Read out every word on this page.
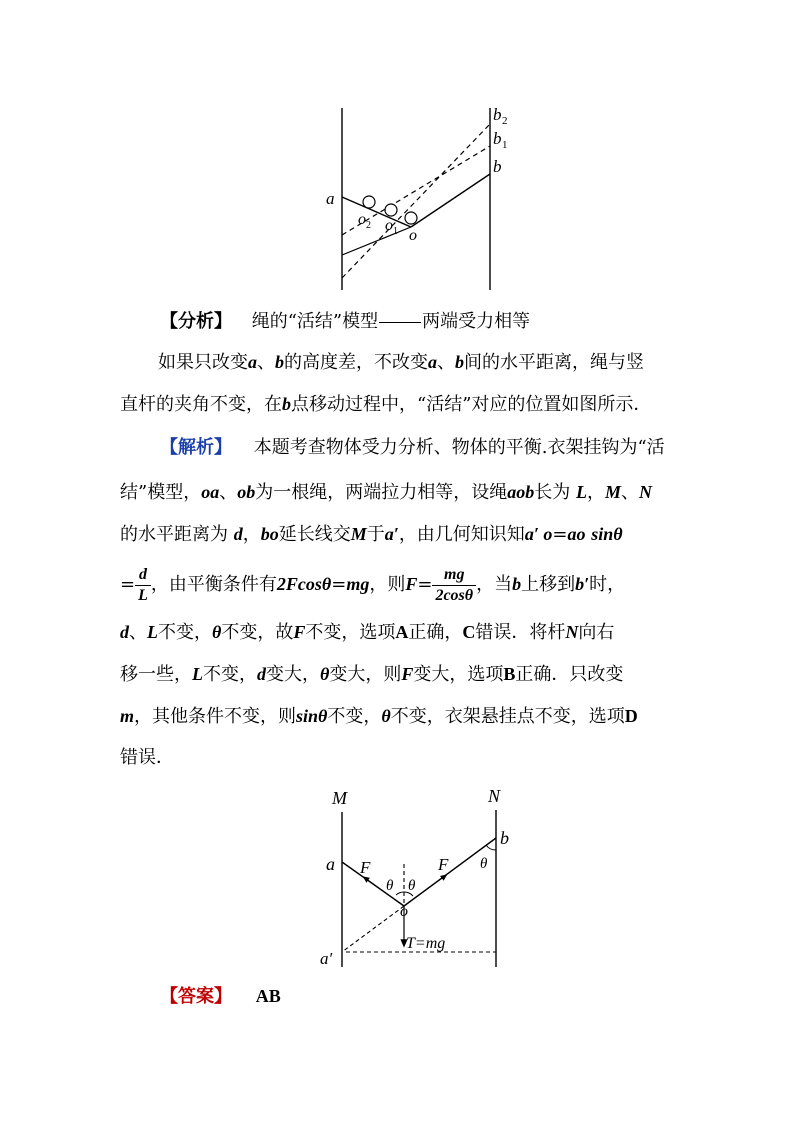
a
b 2
b 1
b
o 2 o 1 o
【分析】 绳的“活结”模型 两端受力相等
如果只改变a、b的高度差，不改变a、b间的水平距离，绳与竖
直杆的夹角不变，在b点移动过程中，“活结”对应的位置如图所示．
【解析】 本题考查物体受力分析、物体的平衡.衣架挂钩为“活
结”模型，oa、ob为一根绳，两端拉力相等，设绳aob长为 L，M、N
的水平距离为 d，bo延长线交M于a′，由几何知识知a′ o=ao sinθ
= $\frac{d}{L}$ ，由平衡条件有2Fcosθ=mg，则$F= \frac{mg}{2\cos\theta}$ ，当b上移到b′时，
d、L不变，θ不变，故F不变，选项A正确，C错误．将杆N向右
移一些，L不变，d变大，θ变大，则F变大，选项B正确．只改变
m，其他条件不变，则sinθ不变，θ不变，衣架悬挂点不变，选项D
错误．
M	N
a
b
o
a′
F	F
θ θ
θ
T=mg
【答案】 AB
